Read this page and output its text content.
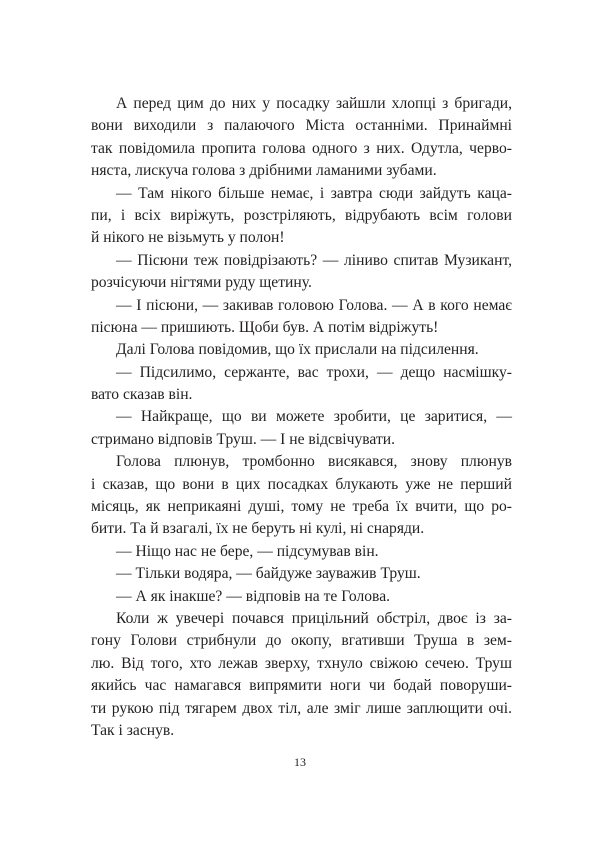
А перед цим до них у посадку зайшли хлопці з бригади,
вони виходили з палаючого Міста останніми. Принаймні
так повідомила пропита голова одного з них. Одутла, черво-
няста, лискуча голова з дрібними ламаними зубами.
— Там нікого більше немає, і завтра сюди зайдуть каца-
пи, і всіх виріжуть, розстріляють, відрубають всім голови
й нікого не візьмуть у полон!
— Пісюни теж повідрізають? — ліниво спитав Музикант,
розчісуючи нігтями руду щетину.
— І пісюни, — закивав головою Голова. — А в кого немає
пісюна — пришиють. Щоби був. А потім відріжуть!
Далі Голова повідомив, що їх прислали на підсилення.
— Підсилимо, сержанте, вас трохи, — дещо насмішку-
вато сказав він.
— Найкраще, що ви можете зробити, це заритися, —
стримано відповів Труш. — І не відсвічувати.
Голова плюнув, тромбонно висякався, знову плюнув
і сказав, що вони в цих посадках блукають уже не перший
місяць, як неприкаяні душі, тому не треба їх вчити, що ро-
бити. Та й взагалі, їх не беруть ні кулі, ні снаряди.
— Ніщо нас не бере, — підсумував він.
— Тільки водяра, — байдуже зауважив Труш.
— А як інакше? — відповів на те Голова.
Коли ж увечері почався прицільний обстріл, двоє із за-
гону Голови стрибнули до окопу, вгативши Труша в зем-
лю. Від того, хто лежав зверху, тхнуло свіжою сечею. Труш
якийсь час намагався випрямити ноги чи бодай поворуши-
ти рукою під тягарем двох тіл, але зміг лише заплющити очі.
Так і заснув.
13
